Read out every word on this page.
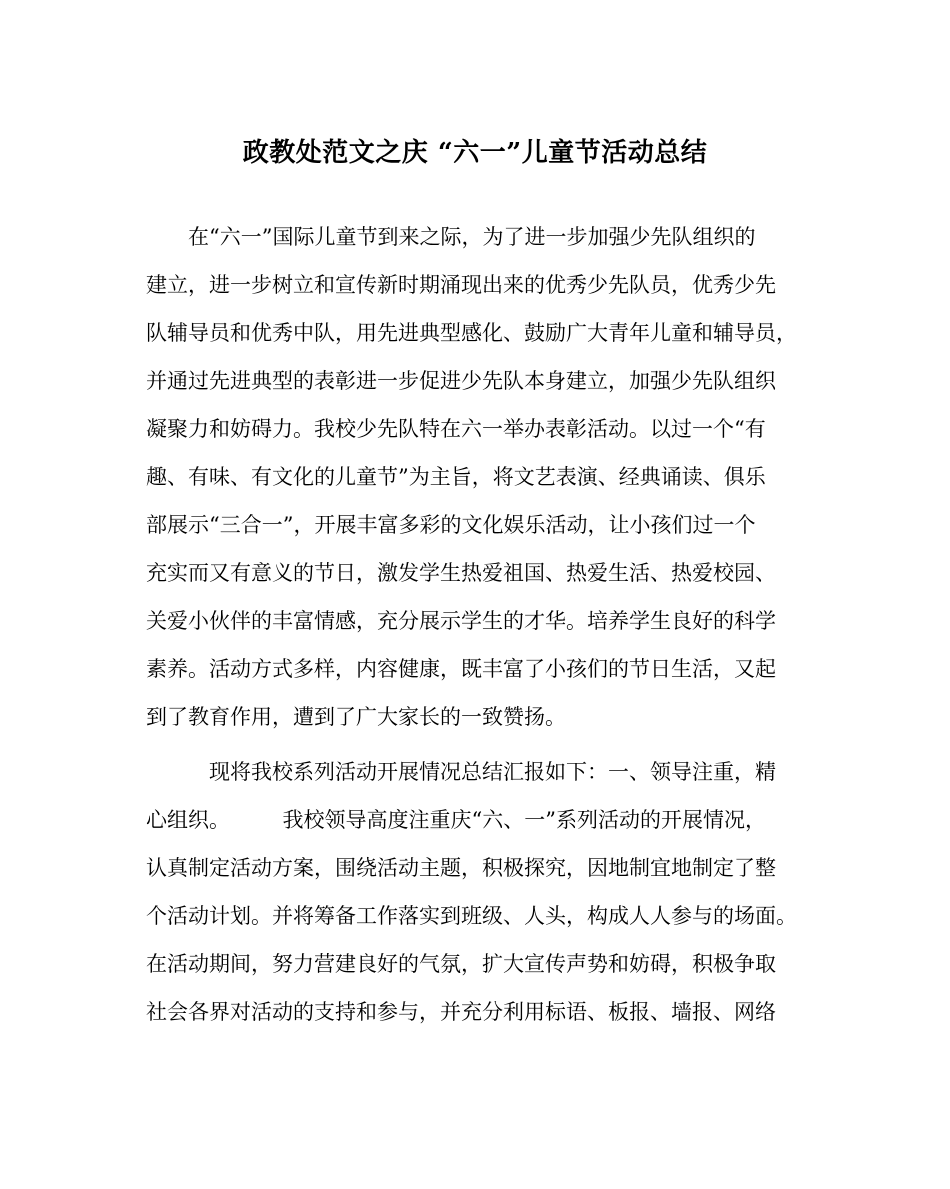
政教处范文之庆 “六一”儿童节活动总结
　　在“六一”国际儿童节到来之际，为了进一步加强少先队组织的
建立，进一步树立和宣传新时期涌现出来的优秀少先队员，优秀少先
队辅导员和优秀中队，用先进典型感化、鼓励广大青年儿童和辅导员，
并通过先进典型的表彰进一步促进少先队本身建立，加强少先队组织
凝聚力和妨碍力。我校少先队特在六一举办表彰活动。以过一个“有
趣、有味、有文化的儿童节”为主旨，将文艺表演、经典诵读、俱乐
部展示“三合一”，开展丰富多彩的文化娱乐活动，让小孩们过一个
充实而又有意义的节日，激发学生热爱祖国、热爱生活、热爱校园、
关爱小伙伴的丰富情感，充分展示学生的才华。培养学生良好的科学
素养。活动方式多样，内容健康，既丰富了小孩们的节日生活，又起
到了教育作用，遭到了广大家长的一致赞扬。
　　　现将我校系列活动开展情况总结汇报如下：一、领导注重，精
心组织。　　　我校领导高度注重庆“六、一”系列活动的开展情况，
认真制定活动方案，围绕活动主题，积极探究，因地制宜地制定了整
个活动计划。并将筹备工作落实到班级、人头，构成人人参与的场面。
在活动期间，努力营建良好的气氛，扩大宣传声势和妨碍，积极争取
社会各界对活动的支持和参与，并充分利用标语、板报、墙报、网络
